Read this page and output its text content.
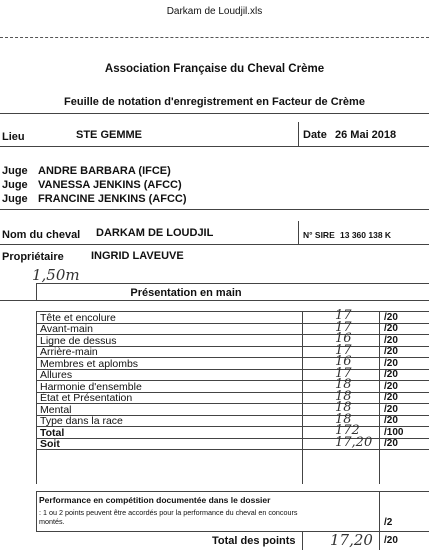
Darkam de Loudjil.xls
Association Française du Cheval Crème
Feuille de notation d'enregistrement en Facteur de Crème
Lieu	STE GEMME	Date 26 Mai 2018
Juge ANDRE BARBARA (IFCE)
Juge VANESSA JENKINS (AFCC)
Juge FRANCINE JENKINS (AFCC)
Nom du cheval DARKAM DE LOUDJIL	N° SIRE 13 360 138 K
Propriétaire INGRID LAVEUVE
1,50m
Présentation en main
Tête et encolure	17	/20
Avant-main	17	/20
Ligne de dessus	16	/20
Arrière-main	17	/20
Membres et aplombs	16	/20
Allures	17	/20
Harmonie d'ensemble	18	/20
État et Présentation	18	/20
Mental	18	/20
Type dans la race	18	/20
Total	172 /100
Soit	17,20 /20
Performance en compétition documentée dans le dossier
: 1 ou 2 points peuvent être accordés pour la performance du cheval en concours montés.	/2
Total des points 17,20 /20
